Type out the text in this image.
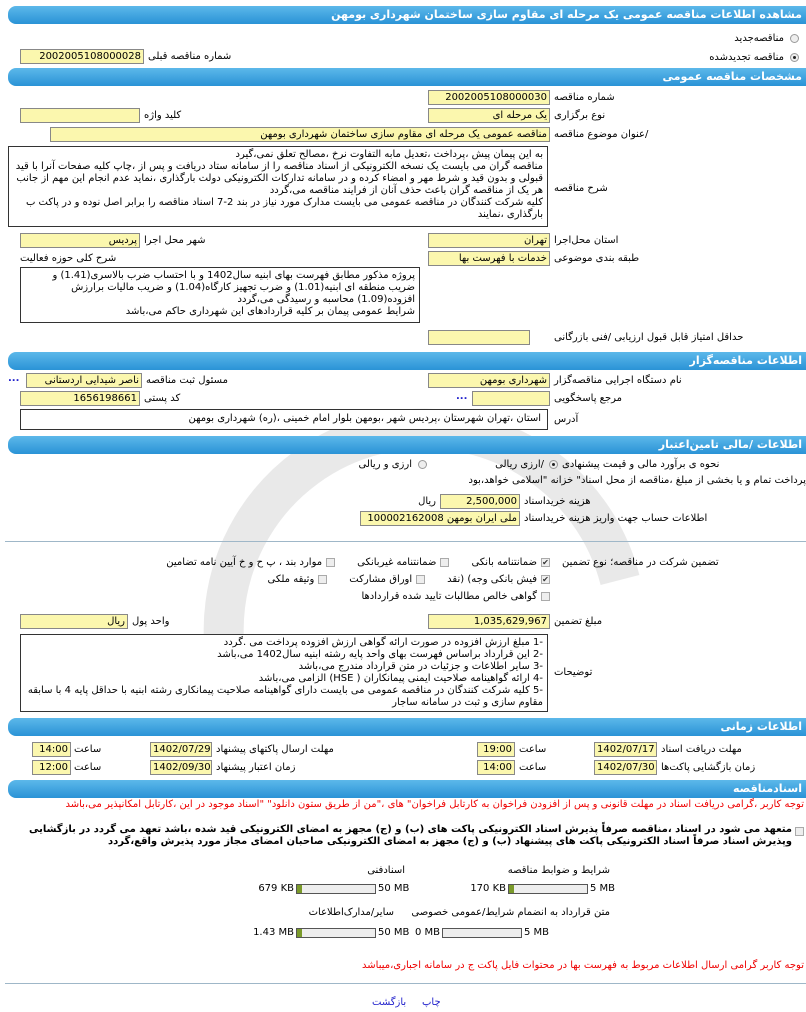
مشاهده اطلاعات مناقصه عمومی یک مرحله ای مقاوم سازی ساختمان شهرداری بومهن
مناقصه‌جدید
مناقصه تجدیدشده
2002005108000028 شماره مناقصه قبلی
مشخصات مناقصه عمومی
2002005108000030 شماره مناقصه
یک مرحله ای نوع برگزاری
کلید واژه
مناقصه عمومی یک مرحله ای مقاوم سازی ساختمان شهرداری بومهن /عنوان موضوع مناقصه
به این پیمان پیش ،پرداخت ،تعدیل مابه التفاوت نرخ ،مصالح تعلق نمی،گیرد
مناقصه گران می بایست یک نسخه الکترونیکی از اسناد مناقصه را از سامانه ستاد دریافت و پس از ،چاپ کلیه صفحات آنرا با قید قبولی و بدون قید و شرط مهر و امضاء کرده و در سامانه تدارکات الکترونیکی دولت بارگذاری ،نماید عدم انجام این مهم از جانب هر یک از مناقصه گران باعث حذف آنان از فرایند مناقصه می،گردد
کلیه شرکت کنندگان در مناقصه عمومی می بایست مدارک مورد نیاز در بند 2-7 اسناد مناقصه را برابر اصل نوده و در پاکت ب بارگذاری ،نمایند
شرح مناقصه
تهران استان محل‌اجرا
پردیس شهر محل اجرا
خدمات با فهرست بها طبقه بندی موضوعی
شرح کلی حوزه فعالیت
پروژه مذکور مطابق فهرست بهای ابنیه سال1402 و با احتساب ضرب بالاسری(1.41) و ضریب منطقه ای ابنیه(1.01) و ضرب تجهیز کارگاه(1.04) و ضریب مالیات برارزش افزوده(1.09) محاسبه و رسیدگی می،گردد
شرایط عمومی پیمان بر کلیه قراردادهای این شهرداری حاکم می،باشد
حداقل امتیاز قابل قبول ارزیابی /فنی بازرگانی
اطلاعات مناقصه‌گزار
شهرداری بومهن نام دستگاه اجرایی مناقصه‌گزار
...	ناصر شیدایی اردستانی مسئول ثبت مناقصه
...	مرجع پاسخگویی
1656198661 کد پستی
استان ،تهران شهرستان ،پردیس شهر ،بومهن بلوار امام خمینی ،(ره) شهرداری بومهن	آدرس
اطلاعات /مالی تامین‌اعتبار
نحوه ی برآورد مالی و قیمت پیشنهادی
/ارزی ریالی
ارزی و ریالی
پرداخت تمام و یا بخشی از مبلغ ،مناقصه از محل اسناد" خزانه "اسلامی خواهد،بود
ریال	2,500,000 هزینه خریداسناد
ملی ایران بومهن 100002162008 اطلاعات حساب جهت واریز هزینه خریداسناد
تضمین شرکت در مناقصه؛ نوع تضمین
✔
ضمانتنامه بانکی
ضمانتنامه غیربانکی
موارد بند ، پ ح و خ آیین نامه تضامین
✔
فیش بانکی وجه) (نقد
اوراق مشارکت
وثیقه ملکی
گواهی خالص مطالبات تایید شده قراردادها
1,035,629,967 مبلغ تضمین
ریال واحد پول
-1 مبلغ ارزش افزوده در صورت ارائه گواهی ارزش افزوده پرداخت می .گردد
-2 این قرارداد براساس فهرست بهای واحد پایه رشته ابنیه سال1402 می،باشد
-3 سایر اطلاعات و جزئیات در متن قرارداد مندرج می،باشد
-4 ارائه گواهینامه صلاحیت ایمنی پیمانکاران ( HSE) الزامی می،باشد
-5 کلیه شرکت کنندگان در مناقصه عمومی می بایست دارای گواهینامه صلاحیت پیمانکاری رشته ابنیه با حداقل پایه 4 با سابقه مقاوم سازی و ثبت در سامانه ساجار
توضیحات
اطلاعات زمانی
1402/07/17 مهلت دریافت اسناد
19:00 ساعت
1402/07/29 مهلت ارسال پاکتهای پیشنهاد
14:00 ساعت
1402/07/30 زمان بازگشایی پاکت‌ها
14:00 ساعت
1402/09/30 زمان اعتبار پیشنهاد
12:00 ساعت
اسنادمناقصه
توجه کاربر ،گرامی دریافت اسناد در مهلت قانونی و پس از افزودن فراخوان به کارتابل فراخوان" های ،"من از طریق ستون دانلود" "اسناد موجود در این ،کارتابل امکانپذیر می،باشد
متعهد می شود در اسناد ،مناقصه صرفاً پذیرش اسناد الکترونیکی پاکت های (ب) و (ج) مجهز به امضای الکترونیکی قید شده ،باشد تعهد می گردد در بازگشایی وپذیرش اسناد صرفاً اسناد الکترونیکی پاکت های پیشنهاد (ب) و (ج) مجهز به امضای الکترونیکی صاحبان امضای مجاز مورد پذیرش واقع،گردد
شرایط و ضوابط مناقصه
اسنادفنی
170 KB	5 MB
679 KB	50 MB
متن قرارداد به انضمام شرایط/عمومی خصوصی
سایر/مدارک‌اطلاعات
0 MB	5 MB
1.43 MB	50 MB
توجه کاربر گرامی ارسال اطلاعات مربوط به فهرست بها در محتوات فایل پاکت ج در سامانه اجباری،میباشد
بازگشت چاپ
